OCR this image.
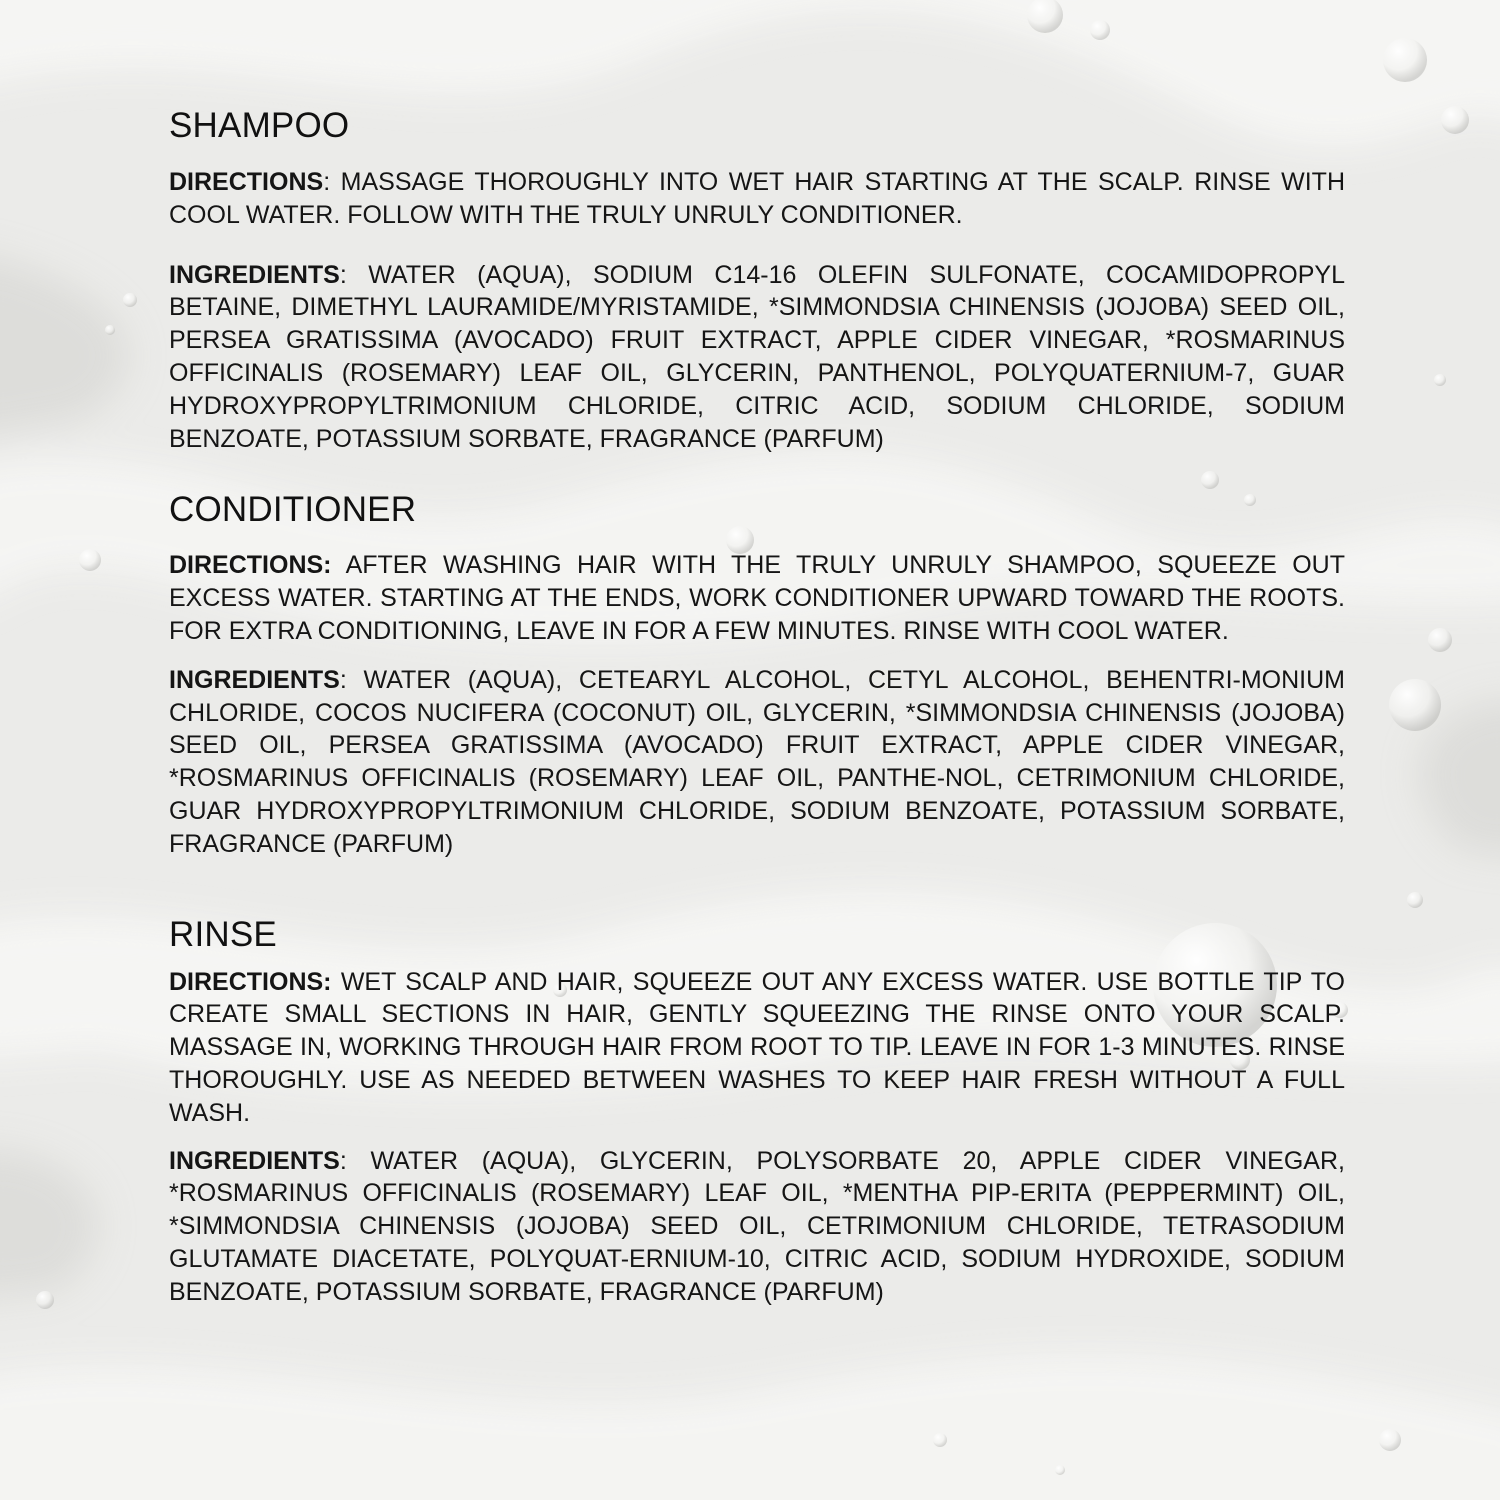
SHAMPOO

DIRECTIONS: MASSAGE THOROUGHLY INTO WET HAIR STARTING AT THE SCALP. RINSE WITH COOL WATER. FOLLOW WITH THE TRULY UNRULY CONDITIONER.

INGREDIENTS: WATER (AQUA), SODIUM C14-16 OLEFIN SULFONATE, COCAMIDOPROPYL BETAINE, DIMETHYL LAURAMIDE/MYRISTAMIDE, *SIMMONDSIA CHINENSIS (JOJOBA) SEED OIL, PERSEA GRATISSIMA (AVOCADO) FRUIT EXTRACT, APPLE CIDER VINEGAR, *ROSMARINUS OFFICINALIS (ROSEMARY) LEAF OIL, GLYCERIN, PANTHENOL, POLYQUATERNIUM-7, GUAR HYDROXYPROPYLTRIMONIUM CHLORIDE, CITRIC ACID, SODIUM CHLORIDE, SODIUM BENZOATE, POTASSIUM SORBATE, FRAGRANCE (PARFUM)

CONDITIONER

DIRECTIONS: AFTER WASHING HAIR WITH THE TRULY UNRULY SHAMPOO, SQUEEZE OUT EXCESS WATER. STARTING AT THE ENDS, WORK CONDITIONER UPWARD TOWARD THE ROOTS. FOR EXTRA CONDITIONING, LEAVE IN FOR A FEW MINUTES. RINSE WITH COOL WATER.

INGREDIENTS: WATER (AQUA), CETEARYL ALCOHOL, CETYL ALCOHOL, BEHENTRI-MONIUM CHLORIDE, COCOS NUCIFERA (COCONUT) OIL, GLYCERIN, *SIMMONDSIA CHINENSIS (JOJOBA) SEED OIL, PERSEA GRATISSIMA (AVOCADO) FRUIT EXTRACT, APPLE CIDER VINEGAR, *ROSMARINUS OFFICINALIS (ROSEMARY) LEAF OIL, PANTHE-NOL, CETRIMONIUM CHLORIDE, GUAR HYDROXYPROPYLTRIMONIUM CHLORIDE, SODIUM BENZOATE, POTASSIUM SORBATE, FRAGRANCE (PARFUM)

RINSE

DIRECTIONS: WET SCALP AND HAIR, SQUEEZE OUT ANY EXCESS WATER. USE BOTTLE TIP TO CREATE SMALL SECTIONS IN HAIR, GENTLY SQUEEZING THE RINSE ONTO YOUR SCALP. MASSAGE IN, WORKING THROUGH HAIR FROM ROOT TO TIP. LEAVE IN FOR 1-3 MINUTES. RINSE THOROUGHLY. USE AS NEEDED BETWEEN WASHES TO KEEP HAIR FRESH WITHOUT A FULL WASH.

INGREDIENTS: WATER (AQUA), GLYCERIN, POLYSORBATE 20, APPLE CIDER VINEGAR, *ROSMARINUS OFFICINALIS (ROSEMARY) LEAF OIL, *MENTHA PIP-ERITA (PEPPERMINT) OIL, *SIMMONDSIA CHINENSIS (JOJOBA) SEED OIL, CETRIMONIUM CHLORIDE, TETRASODIUM GLUTAMATE DIACETATE, POLYQUAT-ERNIUM-10, CITRIC ACID, SODIUM HYDROXIDE, SODIUM BENZOATE, POTASSIUM SORBATE, FRAGRANCE (PARFUM)
